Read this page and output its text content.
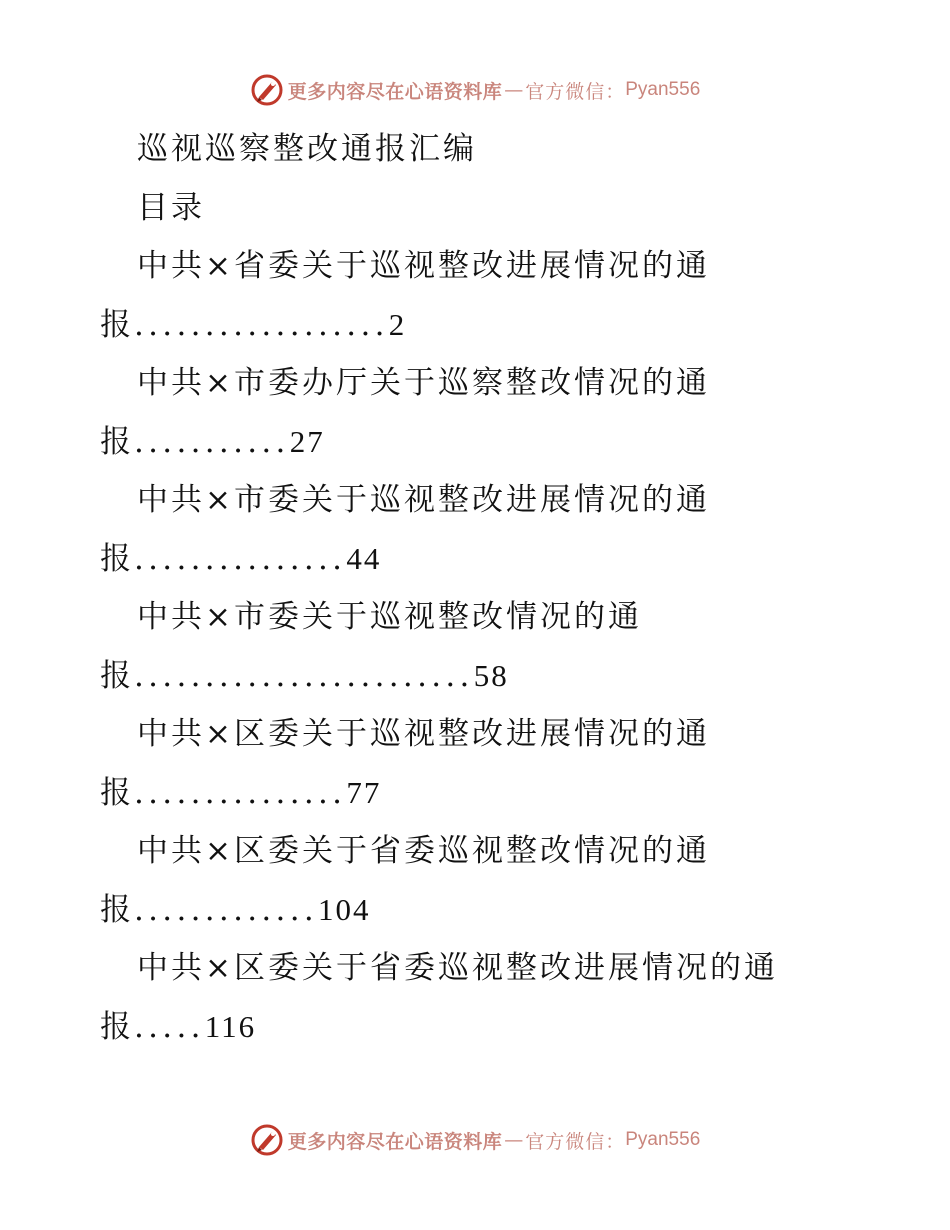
更多内容尽在心语资料库 — 官方微信： Pyan556
巡视巡察整改通报汇编
目录
中共×省委关于巡视整改进展情况的通
报..................2
中共×市委办厅关于巡察整改情况的通
报...........27
中共×市委关于巡视整改进展情况的通
报...............44
中共×市委关于巡视整改情况的通
报........................58
中共×区委关于巡视整改进展情况的通
报...............77
中共×区委关于省委巡视整改情况的通
报.............104
中共×区委关于省委巡视整改进展情况的通
报.....116
更多内容尽在心语资料库 — 官方微信： Pyan556
